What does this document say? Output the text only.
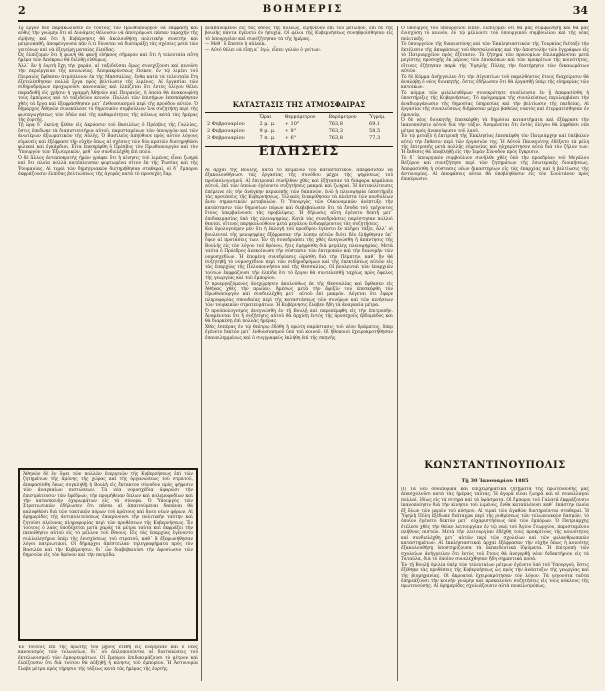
2	ΒΟΗΜΕΡΙΣ	34

Τὸ ἔργον δὲν παρακώλυσεν ἐν τούτοις τὸν Πρωθυπουργὸν νὰ ἐκφράσῃ καὶ αὖθις τὴν γνώμην ὅτι αἱ Δυνάμεις θέλουσιν νὰ ἀποτρέψωσι πᾶσαν ταραχὴν τῆς εἰρήνης καὶ ὅτι ἡ Κυβέρνησις θὰ ἀκολουθήσῃ πολιτικὴν συνετὴν καὶ μετριοπαθῆ, ἀποφεύγουσα πᾶν ὅ,τι δύναται νὰ διαταράξῃ τὰς σχέσεις μετὰ τῶν γειτόνων καὶ νὰ ἐξεγείρῃ ματαίας ἐλπίδας.
Ὡς ἐλπίζομεν ὅτι ἡ φωνὴ θὰ φανῇ εὐήκοος σήμερον καὶ ὅτι ἡ τελευταία αὕτη ἡμέρα τῶν Ἀπόκρεω θὰ διέλθῃ εὐθύμως.
Ἀλλ᾽ ἂν ἡ ἑορτὴ ἔχῃ τὴν χαράν, αἱ ταξιδεῦσαι ὅμως συνεχίζουσι καὶ κινοῦσι τὴν περιέργειαν τῆς κοινωνίας. Ἀπομακρύνσεως ἕνεκεν, ἐν τῷ λιμένι τοῦ Πειραιῶς ἔφθασεν ἀτμόπλοιον ἐκ τῆς Μασσαλίας, ἔνθα κατὰ τὰ τελευταῖα ἔτη ἐξετελέσθησαν πολλὰ ἔργα πρὸς βελτίωσιν τῆς λιμένος. Αἱ ἐργασίαι τῶν σιδηροδρόμων προχωροῦσι κανονικῶς καὶ ἐλπίζεται ὅτι ἐντὸς ὀλίγου θέλει παραδοθῇ εἰς χρῆσιν ἡ γραμμὴ Ἀθηνῶν καὶ Πειραιῶς, ἡ ὁποία θὰ ἀνακουφίσῃ τοὺς ἐμπόρους καὶ τὸ ταξιδεῦον κοινόν. Πολλοὶ τῶν ἐπισήμων ἐπεσκέφθησαν χθὲς τὰ ἔργα καὶ ἐξεφράσθησαν μετ᾽ ἐνθουσιασμοῦ περὶ τῆς προόδου αὐτῶν. Ὁ δῆμαρχος Ἀθηνῶν συνεκάλεσε τὸ δημοτικὸν συμβούλιον ἵνα συζητήσῃ περὶ τῆς φωταγωγήσεως τῶν ὁδῶν καὶ τῆς καθαριότητος τῆς πόλεως κατὰ τὰς ἡμέρας τῆς ἑορτῆς.
Τῇ ὥρᾳ δ᾽ ἐκείνῃ ἦλθεν εἰς ἀκρόασιν τοῦ Βασιλέως ὁ Πρέσβυς τῆς Γαλλίας, ὅστις ἐπεδωκε τὰ διαπιστευτήρια αὐτοῦ, παρισταμένων τῶν ὑπουργῶν καὶ τῶν ἀνωτέρων ἀξιωματικῶν τῆς Αὐλῆς. Ὁ Βασιλεὺς ἀπηύθυνε πρὸς αὐτὸν λόγους εὐμενεῖς καὶ ἐξέφρασε τὴν εὐχὴν ὅπως αἱ σχέσεις τῶν δύο κρατῶν διατηρηθῶσι φιλικαὶ καὶ ἐγκάρδιοι. Εἶτα ἐπεσκέφθη ὁ Πρέσβυς τὸν Πρωθυπουργὸν καὶ τὸν Ὑπουργὸν τῶν Ἐξωτερικῶν, μεθ᾽ ὧν συνδιελέχθη ἐπὶ πολύ.
Ὁ δὲ ἄλλος ἀνταποκριτὴς ἡμῶν γράφει ὅτι ἡ κίνησις τοῦ λιμένος εἶναι ζωηρὰ καὶ ὅτι πλοῖα πολλὰ κατέπλευσαν φορτωμένα σῖτον ἐκ τῆς Ῥωσίας καὶ τῆς Ῥουμανίας. Αἱ τιμαὶ τῶν δημητριακῶν διετηρήθησαν σταθεραί, οἱ δ᾽ ἔμποροι ἐκφράζουσιν ἐλπίδας βελτιώσεως τῆς ἀγορᾶς κατὰ τὸ προσεχὲς ἔαρ.

Ἀθηνῶν δὲ ἐν ὄψει τῶν πολλῶν ἐνεργειῶν τῆς Κυβερνήσεως ἐπὶ τῶν ζητημάτων τῆς ἀμύνης τῆς χώρας καὶ τῆς ὀργανώσεως τοῦ στρατοῦ, ἀπεφασίσθη ὅπως συγκληθῇ ἡ Βουλὴ εἰς ἔκτακτον σύνοδον πρὸς ψήφισιν τῶν ἀναγκαίων πιστώσεων. Τὰ νέα νομοσχέδια ἀφορῶσι τὴν ἐπιστράτευσιν τῶν ἐφέδρων, τὴν προμήθειαν ὅπλων καὶ πολεμοφοδίων καὶ τὴν κατασκευὴν ὀχυρωμάτων εἰς τὰ σύνορα. Ὁ Ὑπουργὸς τῶν Στρατιωτικῶν ἐδήλωσεν ὅτι πᾶσαι αἱ ἀπαιτούμεναι δαπάναι θὰ καλυφθῶσι διὰ τῶν τακτικῶν πόρων τοῦ κράτους καὶ ἄνευ νέων φόρων. Αἱ ἐφημερίδες τῆς ἀντιπολιτεύσεως ἐπικρίνουσι τὴν πολιτικὴν ταύτην καὶ ζητοῦσι πλείονας πληροφορίας περὶ τῶν προθέσεων τῆς Κυβερνήσεως. Ἐν τούτοις ὁ λαὸς ὑποδέχεται μετὰ χαρᾶς τὰ μέτρα ταῦτα καὶ ἐκφράζει τὴν πεποίθησιν αὐτοῦ εἰς τὸ μέλλον τοῦ ἔθνους. Εἰς τὰς ἐπαρχίας ἐγένοντο συλλαλητήρια ὑπὲρ τῆς ἐνισχύσεως τοῦ στρατοῦ, καθ᾽ ἃ ἐξεφωνήθησαν λόγοι πατριωτικοί. Οἱ δήμαρχοι ἀπέστειλαν τηλεγραφήματα πρὸς τὸν Βασιλέα καὶ τὴν Κυβέρνησιν, δι᾽ ὧν διαβεβαιοῦσι τὴν ἀφοσίωσιν τῶν δημοτῶν εἰς τὸν θρόνον καὶ τὴν πατρίδα.

Ἐν τούτοις ἐπὶ τῆς πρώτης τοῦ μηνὸς ἐτέθη εἰς ἐνέργειαν καὶ ὁ νέος κανονισμὸς τῶν τελωνείων, δι᾽ οὗ ἀπλοποιοῦνται αἱ διατυπώσεις τοῦ ἐκτελωνισμοῦ τῶν ἐμπορευμάτων. Οἱ ἔμποροι ἐπιδοκιμάζουσι τὸ μέτρον καὶ ἐλπίζουσιν ὅτι διὰ τούτου θὰ αὐξηθῇ ἡ κίνησις τοῦ ἐμπορίου. Ἡ Ἀστυνομία ἔλαβε μέτρα πρὸς τήρησιν τῆς τάξεως κατὰ τὰς ἡμέρας τῆς ἑορτῆς.

ἀναπαυόμενοι εἰς τὰς ὁδοὺς τῆς πόλεως, εἰρήνευον ἐπὶ τοῦ μέτωπον, ἐπὶ δὲ τῆς βουλῆς πάντα ἐγένετο ἐν ἡσυχίᾳ. Οἱ φίλοι τῆς Κυβερνήσεως συνηθροίσθησαν εἰς τὸ ὑπουργεῖον καὶ συνεζήτησαν τὰ τῆς ἡμέρας.
— Μεθ᾽ ὃ ἔπεσεν ἡ αὐλαία.
— Αὐτὸ θέλει νὰ εἴπῃ κ᾽ ἐγώ, εἶπεν γελῶν ὁ γείτων.

ΚΑΤΑΣΤΑΣΙΣ ΤΗΣ ΑΤΜΟΣΦΑΙΡΑΣ
	Ὥραι	Θερμόμετρον	Βαρόμετρον	Ὑγρόμ.
2 Φεβρουαρίου	2 μ. μ.	+ 10°	763,8	69,1
2 Φεβρουαρίου	9 μ. μ.	+ 8°	763,3	58,5
3 Φεβρουαρίου	7 π. μ.	+ 6°	763,8	77,3
ΕΙΔΗΣΕΙΣ

Αἱ ἀρχαὶ τῆς Βουλῆς, κατὰ τὸ κείμενον τοῦ καταστατικοῦ, ἀπεφάσισαν νὰ ἐξακολουθήσωσι τὰς ἐργασίας τῆς συνόδου μέχρι τῆς ψηφίσεως τοῦ προϋπολογισμοῦ. Αἱ ἐπιτροπαὶ συνῆλθον χθὲς καὶ ἐξήτασαν τὰ διάφορα κεφάλαια αὐτοῦ, ἐπὶ τῶν ὁποίων ἐγένοντο συζητήσεις μακραὶ καὶ ζωηραί. Ἡ ἀντιπολίτευσις ἐπέμεινε εἰς τὴν ἀνάγκην περικοπῆς τῶν δαπανῶν, ἐνῶ ἡ πλειοψηφία ὑπεστήριξε τὰς προτάσεις τῆς Κυβερνήσεως. Τελικῶς ἐνεκρίθησαν τὰ πλεῖστα τῶν κονδυλίων ἄνευ σημαντικῶν μεταβολῶν. Ὁ Ὑπουργὸς τῶν Οἰκονομικῶν ἀνέπτυξε τὴν κατάστασιν τῶν δημοσίων πόρων καὶ διεβεβαίωσεν ὅτι τὰ ἔσοδα τοῦ τρέχοντος ἔτους ὑπερβαίνουσι τὰς προβλέψεις. Ἡ δήλωσις αὕτη ἐγένετο δεκτὴ μετ᾽ ἐπιδοκιμασίας ὑπὸ τῆς πλειοψηφίας. Κατὰ τὰς συνεδριάσεις παρέστησαν πολλοὶ θεαταί, οἵτινες παρηκολούθουν μετὰ μεγάλου ἐνδιαφέροντος τὰς συζητήσεις.
Καὶ ὁμολογοῦμεν μὲν ὅτι ἡ ἐκλογὴ τοῦ προέδρου ἐγένετο ἐν πλήρει τάξει, ἀλλ᾽ οἱ βουλευταὶ τῆς μειοψηφίας ἐξέφρασαν τὴν λύπην αὐτῶν διότι δὲν ἐλήφθησαν ὑπ᾽ ὄψιν αἱ προτάσεις των. Ἐν τῇ συνεδριάσει τῆς χθὲς ἀνεγνώσθη ἡ ἀπάντησις τῆς Βουλῆς εἰς τὸν λόγον τοῦ θρόνου, ἥτις ἐψηφίσθη διὰ μεγάλης πλειοψηφίας. Μετὰ ταῦτα ὁ Πρόεδρος ἀνεκοίνωσε τὴν σύστασιν τῶν ἐπιτροπῶν καὶ τὴν διανομὴν τῶν νομοσχεδίων. Ἡ ἑπομένη συνεδρίασις ὡρίσθη διὰ τὴν Πέμπτην, καθ᾽ ἣν θὰ συζητηθῇ τὸ νομοσχέδιον περὶ τῶν σιδηροδρόμων καὶ τῆς ἐπεκτάσεως αὐτῶν εἰς τὰς ἐπαρχίας τῆς Πελοποννήσου καὶ τῆς Θεσσαλίας. Οἱ βουλευταὶ τῶν ἐπαρχιῶν τούτων ἐκφράζουσι τὴν ἐλπίδα ὅτι τὸ ἔργον θὰ συντελεσθῇ ταχέως πρὸς ὄφελος τῆς γεωργίας καὶ τοῦ ἐμπορίου.
Ὁ προεργαζόμενος ἀνεχώρησεν ἀκολούθως ἐκ τῆς Θεσσαλίας καὶ ἔφθασεν εἰς Ἀθήνας χθὲς τὴν πρωΐαν. Ἀμέσως μετὰ τὴν ἄφιξίν του ἐπεσκέφθη τὸν Πρωθυπουργὸν καὶ συνδιελέχθη μετ᾽ αὐτοῦ ἐπὶ μακρόν. Λέγεται ὅτι ἔφερε πληροφορίας σπουδαίας περὶ τῆς καταστάσεως τῶν συνόρων καὶ τῶν κινήσεων τῶν τουρκικῶν στρατευμάτων. Ἡ Κυβέρνησις ἔλαβεν ἤδη τὰ ἀναγκαῖα μέτρα.
Ὁ προϋπολογισμὸς ἀνεγνώσθη ἐν τῇ Βουλῇ καὶ παρεπέμφθη εἰς τὴν ἐπιτροπήν. Ἀναμένεται ὅτι ἡ συζήτησις αὐτοῦ θὰ ἀρχίσῃ ἐντὸς τῆς προσεχοῦς ἑβδομάδος καὶ θὰ διαρκέσῃ ἐπὶ πολλὰς ἡμέρας.
Χθὲς ἐσπέρας ἐν τῷ θεάτρῳ ἐδόθη ἡ πρώτη παράστασις τοῦ νέου δράματος, ὅπερ ἐγένετο δεκτὸν μετ᾽ ἐνθουσιασμοῦ ὑπὸ τοῦ κοινοῦ. Οἱ ἠθοποιοὶ ἐχειροκροτήθησαν ἐπανειλημμένως καὶ ὁ συγγραφεὺς ἐκλήθη ἐπὶ τῆς σκηνῆς.

Ὁ ὑπουργὸς τοῦ ὑπουργείου εἶπεν, ἐλπίζομεν ὅτι θὰ μᾶς συμφωνήσῃ καὶ θὰ μᾶς ἐνισχύσῃ τὸ κοινόν, ἐν τῷ μέλλοντι τοῦ ὑπουργικοῦ συμβουλίου καὶ τῆς νέας πολιτικῆς.
Τὸ ὑπουργεῖον τῆς δικαιοσύνης καὶ τῶν Ἐκκλησιαστικῶν τῆς Τουρκίας διέταξε τὴν ἐκτέλεσιν τῆς ἀποφάσεως τοῦ Θεσσαλονίκης καὶ τὴν ἀποστολὴν τῶν ἐγγράφων εἰς τὸ Πατριαρχεῖον πρὸς ἐξέτασιν. Τὸ ζήτημα τῶν προνομίων ἐπιλαμβάνεται μετὰ μεγίστης προσοχῆς ἐκ μέρους τῶν ἐπισκόπων καὶ τῶν προκρίτων τῆς κοινότητος, οἵτινες ἐζήτησαν παρὰ τῆς Ὑψηλῆς Πύλης τὴν διατήρησιν τῶν δικαιωμάτων αὐτῶν.
Τὸ δὲ Κόμμα ἀνήγγειλεν ὅτι τὴν Αἰγυπτίων τοῦ παρελθόντος ἐτους διαχείρισιν θὰ ἀναλάβῃ ὁ νέος διοικητής, ὅστις ἐδήλωσεν ὅτι θὰ ἐργασθῇ ὑπὲρ τῆς εὐημερίας τῶν κατοίκων.
Τὸ κόμμα τῶν φιλελευθέρων συνεκρότησε συνέλευσιν ἐν ᾗ ἀπεφασίσθη ἡ ὑποστήριξις τῆς Κυβερνήσεως. Τὸ πρόγραμμα τῆς συνελεύσεως περιλαμβάνει τὴν ἀναδιοργάνωσιν τῆς δημοσίας ὑπηρεσίας καὶ τὴν βελτίωσιν τῆς παιδείας. Αἱ ἐργασίαι τῆς συνελεύσεως διήρκεσαν μέχρι βαθείας νυκτὸς καὶ ἐτερματίσθησαν ἐν ὁμονοίᾳ.
Ὁ δὲ νέος διοικητὴς ἐπεσκέφθη τὰ δημόσια καταστήματα καὶ ἐξέφρασε τὴν ἱκανοποίησιν αὐτοῦ διὰ τὴν τάξιν. Ἀναμένεται ὅτι ἐντὸς ὀλίγου θὰ ληφθῶσι νέα μέτρα πρὸς ἀνακούφισιν τοῦ λαοῦ.
Ἐν τῷ μεταξὺ ἡ ἐπιτροπὴ τῆς Ἐκκλησίας ἐπεσκέφθη τὸν Πατριάρχην καὶ ὑπέβαλεν αὐτῷ τὴν ἔκθεσιν περὶ τῶν ἐργασιῶν της. Ἡ Αὐτοῦ Παναγιότης ἐδέξατο τὰ μέλη τῆς ἐπιτροπῆς μετὰ πολλῆς εὐμενείας καὶ ηὐχαρίστησεν αὐτὰ διὰ τὸν ζῆλον των. Ἡ ἔκθεσις θὰ ὑποβληθῇ εἰς τὴν Ἱερὰν Σύνοδον πρὸς ἔγκρισιν.
Τὸ δ᾽ ὑπουργικὸν συμβούλιον συνῆλθε χθὲς ὑπὸ τὴν προεδρίαν τοῦ Μεγάλου Βεζύρου καὶ συνεζήτησε περὶ τῶν ζητημάτων τῆς ἐσωτερικῆς διοικήσεως. Ἀπεφασίσθη ἡ σύστασις νέων δικαστηρίων εἰς τὰς ἐπαρχίας καὶ ἡ βελτίωσις τῆς ἀστυνομίας. Αἱ ἀποφάσεις αὗται θὰ ὑποβληθῶσιν εἰς τὸν Σουλτάνον πρὸς ἐπικύρωσιν.

ΚΩΝΣΤΑΝΤΙΝΟΥΠΟΛΙΣ
Τῇ 30 Ἰανουαρίου 1885

(Ι) Τὰ νεῦ ὁδοιπορικὰ καὶ ἐπιχειρηματικὰ ζητήματα τῆς πρωτευούσης μᾶς ἀπασχολοῦσι κατὰ τὰς ἡμέρας ταύτας. Ἡ ἀγορὰ εἶναι ζωηρὰ καὶ αἱ συναλλαγαὶ πολλαί, ἰδίως εἰς τὰ σιτηρὰ καὶ τὰ ὑφάσματα. Οἱ ἔμποροι τοῦ Γαλατᾶ ἐκφράζουσιν ἱκανοποίησιν διὰ τὴν κίνησιν τοῦ λιμένος, ἔνθα καταπλέουσι καθ᾽ ἑκάστην πλοῖα ἐξ ὅλων τῶν μερῶν τοῦ κόσμου. Αἱ τιμαὶ τῶν ἀγαθῶν διατηροῦνται σταθεραί. Ἡ Ὑψηλὴ Πύλη ἐξέδωκε διάταγμα περὶ τῆς ρυθμίσεως τῶν τελωνειακῶν δασμῶν, τὸ ὁποῖον ἐγένετο δεκτὸν μετ᾽ εὐχαριστήσεως ὑπὸ τῶν ἐμπόρων. Ὁ Πατριάρχης ἐτέλεσε χθὲς τὴν θείαν λειτουργίαν ἐν τῷ ναῷ τοῦ Ἁγίου Γεωργίου, παρισταμένου πλήθους πιστῶν. Μετὰ τὴν λειτουργίαν ἐδέχθη τοὺς προκρίτους τῆς κοινότητος καὶ συνδιελέχθη μετ᾽ αὐτῶν περὶ τῶν σχολείων καὶ τῶν φιλανθρωπικῶν καταστημάτων. Αἱ ἐκκλησιαστικαὶ ἀρχαὶ ἐξέφρασαν τὴν εὐχὴν ὅπως ἡ κοινότης ἐξακολουθήσῃ ὑποστηρίζουσα τὰ ἐκπαιδευτικὰ ἱδρύματα. Ἡ ἐπιτροπὴ τῶν σχολείων ἀνήγγειλεν ὅτι ἐντὸς τοῦ ἔτους θὰ ἀνεγερθῇ νέον διδακτήριον εἰς τὰ Ταταῦλα, διὰ τὸ ὁποῖον συνελέχθησαν ἤδη σημαντικὰ ποσά.
Ἐν τῇ Βουλῇ ὁμιλία ὑπὲρ τῶν τελευταίων μέτρων ἐγένετο ὑπὸ τοῦ Ὑπουργοῦ, ὅστις ἐξέθηκε τὰς προθέσεις τῆς Κυβερνήσεως ὡς πρὸς τὴν ἀνάπτυξιν τῆς γεωργίας καὶ τῆς βιομηχανίας. Οἱ ἀκροαταὶ ἐχειροκρότησαν τὸν λόγον. Τὰ γεγονότα ταῦτα ἐπηρεάζουσι τὴν κοινὴν γνώμην καὶ προκαλοῦσι συζητήσεις εἰς τοὺς κύκλους τῆς πρωτευούσης. Αἱ ἐφημερίδες σχολιάζουσιν αὐτὰ ποικιλοτρόπως.
